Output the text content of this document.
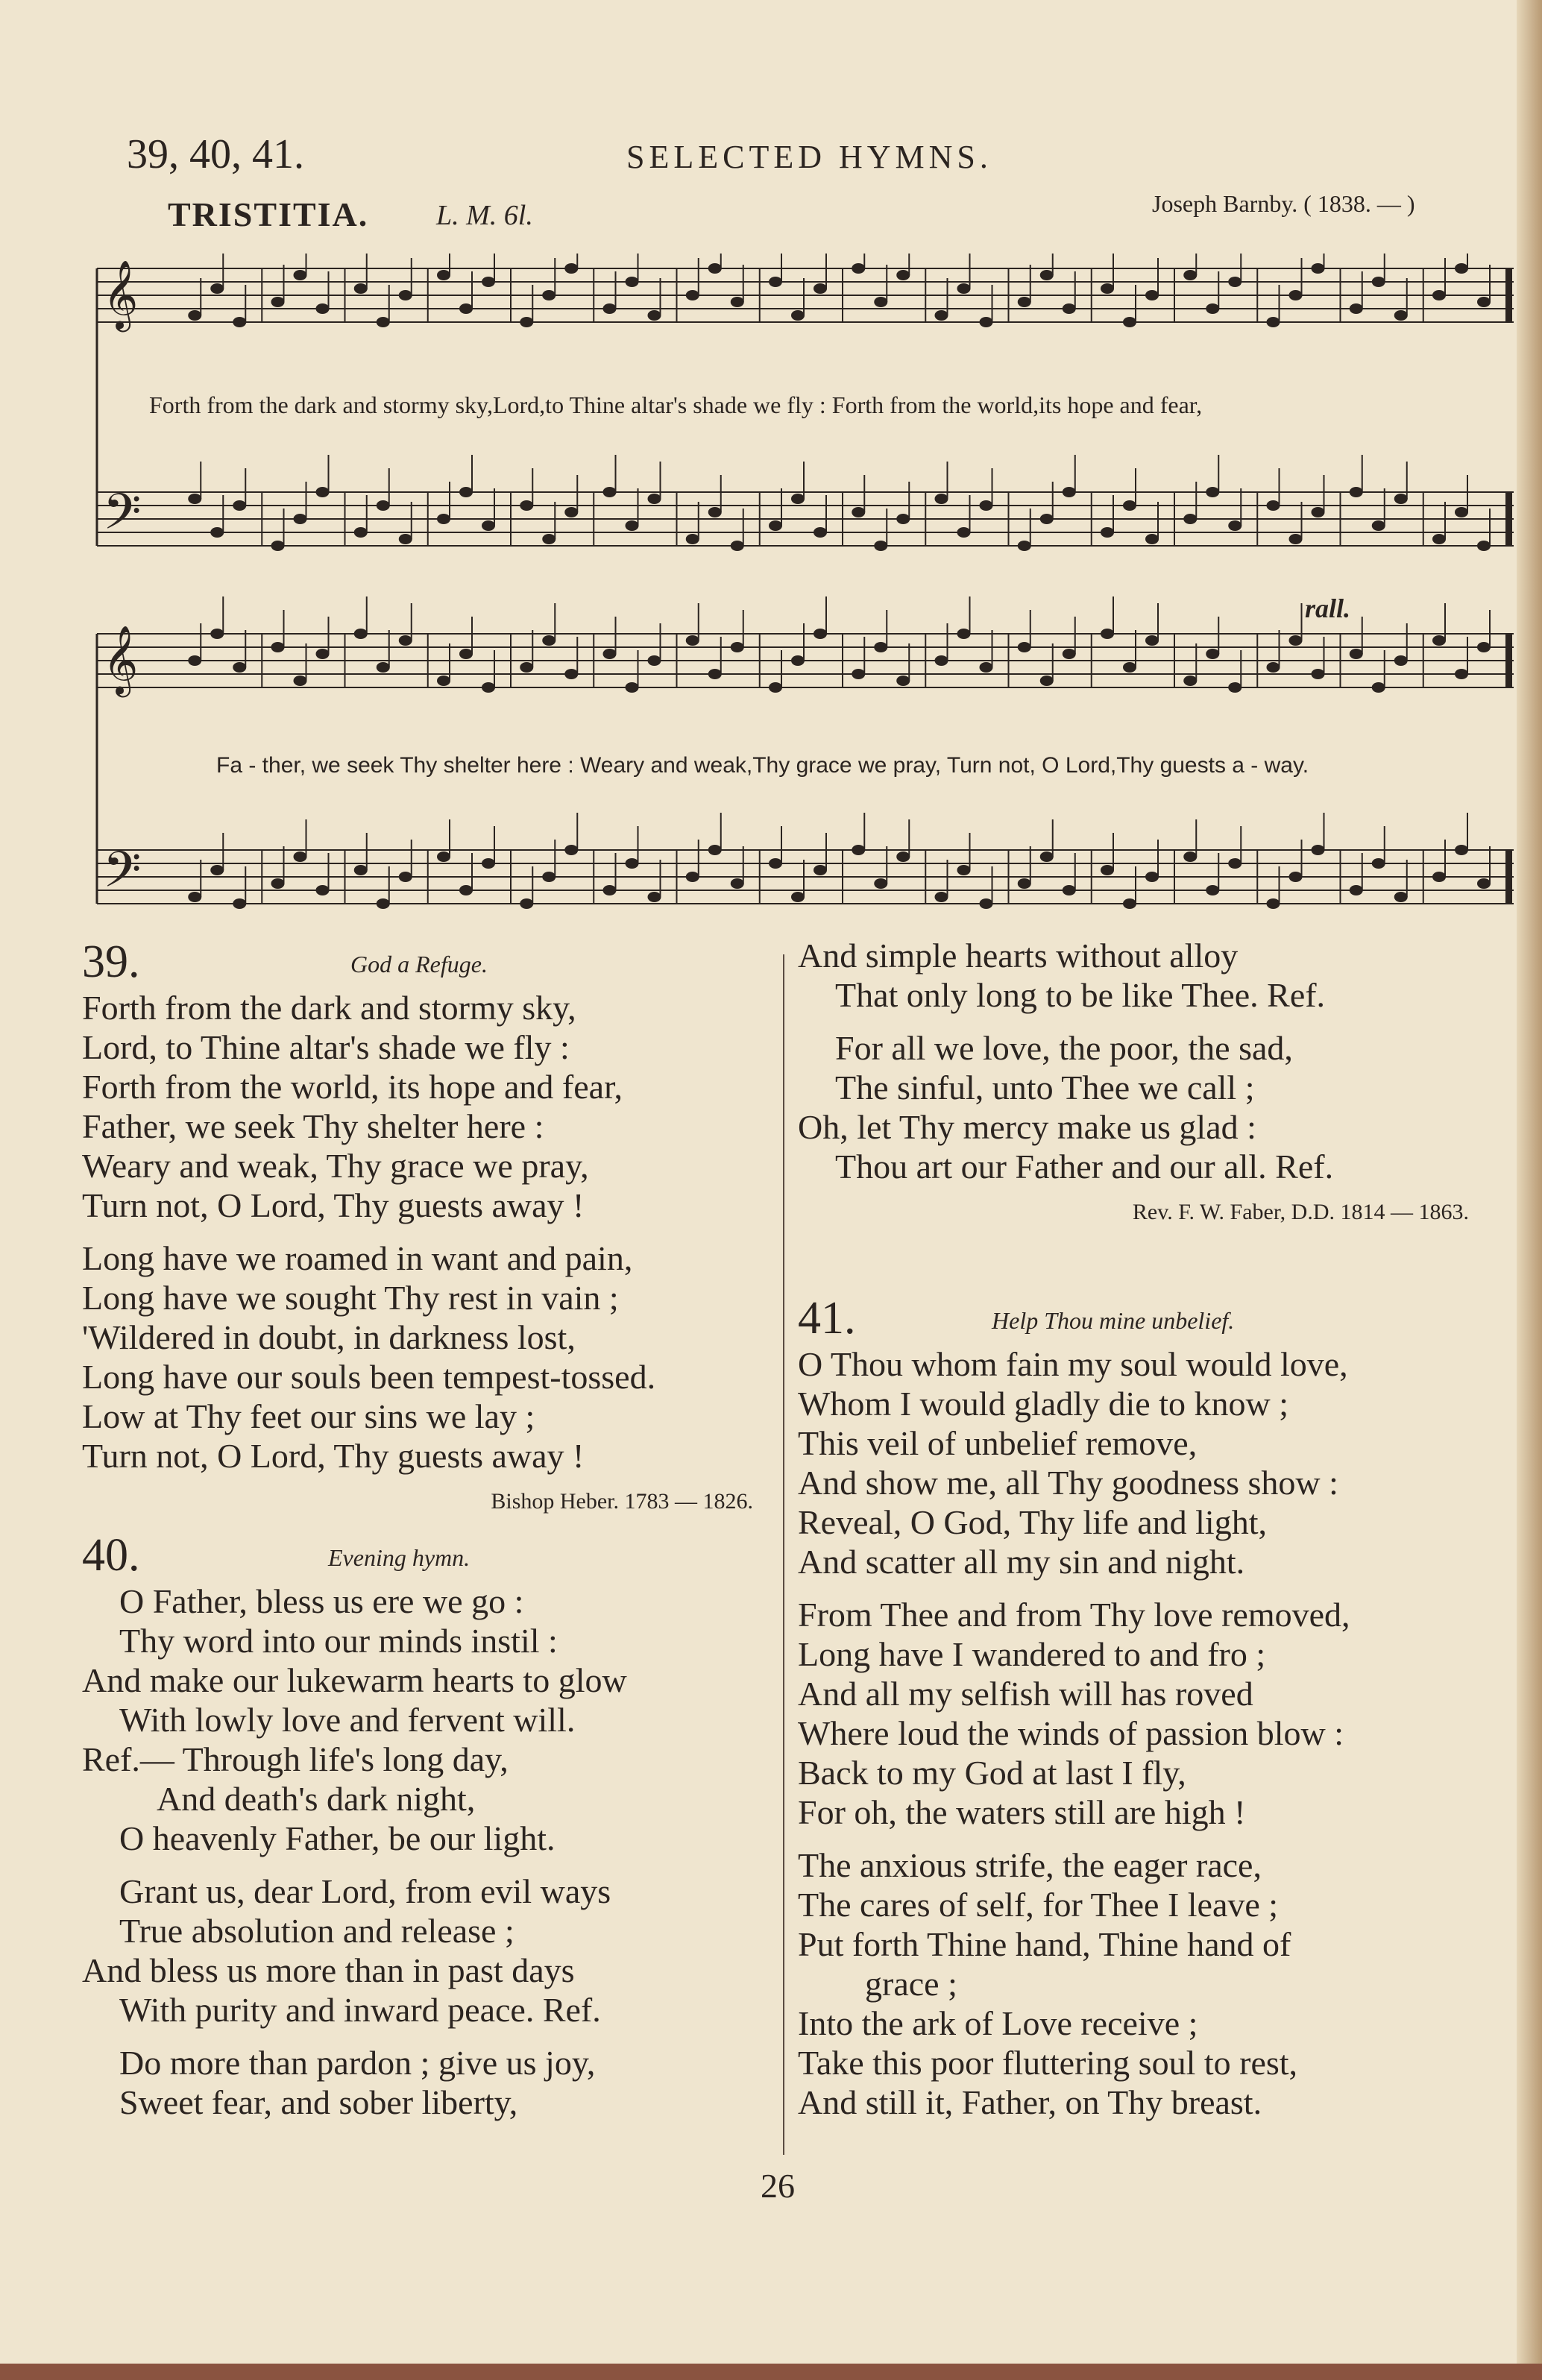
39, 40, 41.	SELECTED HYMNS.
TRISTITIA. L. M. 6l.	Joseph Barnby. ( 1838. — )
𝄞
𝄢
𝄞
𝄢
Forth from the dark and stormy sky,Lord,to Thine altar's shade we fly : Forth from the world,its hope and fear,
rall.
Fa - ther, we seek Thy shelter here : Weary and weak,Thy grace we pray, Turn not, O Lord,Thy guests a - way.
39.	God a Refuge.
Forth from the dark and stormy sky,
Lord, to Thine altar's shade we fly :
Forth from the world, its hope and fear,
Father, we seek Thy shelter here :
Weary and weak, Thy grace we pray,
Turn not, O Lord, Thy guests away !
Long have we roamed in want and pain,
Long have we sought Thy rest in vain ;
'Wildered in doubt, in darkness lost,
Long have our souls been tempest-tossed.
Low at Thy feet our sins we lay ;
Turn not, O Lord, Thy guests away !
Bishop Heber. 1783 — 1826.
40.	Evening hymn.
O Father, bless us ere we go :
Thy word into our minds instil :
And make our lukewarm hearts to glow
With lowly love and fervent will.
Ref.— Through life's long day,
And death's dark night,
O heavenly Father, be our light.
Grant us, dear Lord, from evil ways
True absolution and release ;
And bless us more than in past days
With purity and inward peace. Ref.
Do more than pardon ; give us joy,
Sweet fear, and sober liberty,
And simple hearts without alloy
That only long to be like Thee. Ref.
For all we love, the poor, the sad,
The sinful, unto Thee we call ;
Oh, let Thy mercy make us glad :
Thou art our Father and our all. Ref.
Rev. F. W. Faber, D.D. 1814 — 1863.
41.	Help Thou mine unbelief.
O Thou whom fain my soul would love,
Whom I would gladly die to know ;
This veil of unbelief remove,
And show me, all Thy goodness show :
Reveal, O God, Thy life and light,
And scatter all my sin and night.
From Thee and from Thy love removed,
Long have I wandered to and fro ;
And all my selfish will has roved
Where loud the winds of passion blow :
Back to my God at last I fly,
For oh, the waters still are high !
The anxious strife, the eager race,
The cares of self, for Thee I leave ;
Put forth Thine hand, Thine hand of
grace ;
Into the ark of Love receive ;
Take this poor fluttering soul to rest,
And still it, Father, on Thy breast.
26
